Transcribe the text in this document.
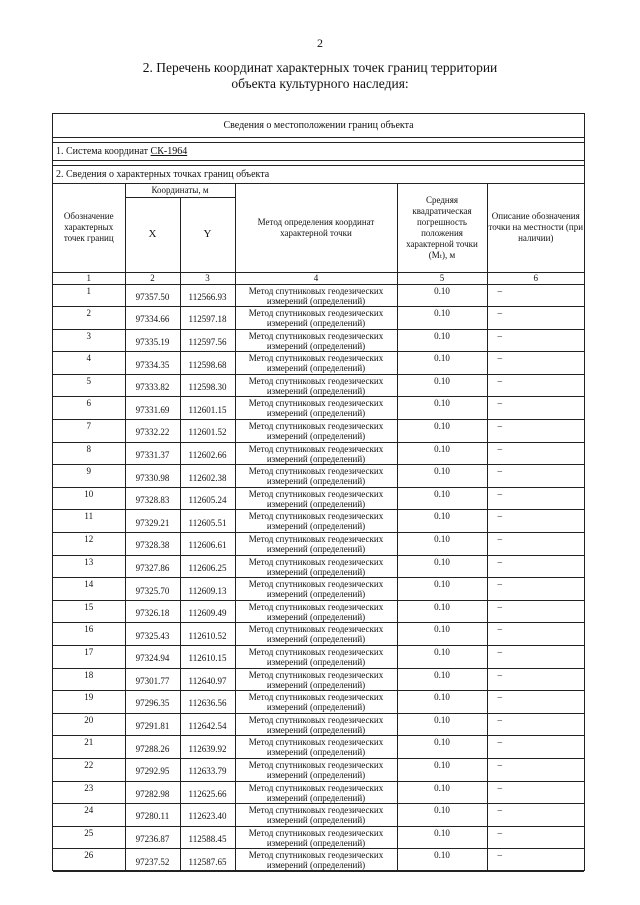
2
2. Перечень координат характерных точек границ территории
объекта культурного наследия:
Сведения о местоположении границ объекта
1. Система координат СК-1964
2. Сведения о характерных точках границ объекта
Обозначение характерных точек границ	Координаты, м		Метод определения координат характерной точки	Средняя квадратическая погрешность положения характерной точки (Mₜ), м	Описание обозначения точки на местности (при наличии)
	X	Y			
1	2	3	4	5	6
1	97357.50	112566.93	Метод спутниковых геодезических измерений (определений)	0.10	–
2	97334.66	112597.18	Метод спутниковых геодезических измерений (определений)	0.10	–
3	97335.19	112597.56	Метод спутниковых геодезических измерений (определений)	0.10	–
4	97334.35	112598.68	Метод спутниковых геодезических измерений (определений)	0.10	–
5	97333.82	112598.30	Метод спутниковых геодезических измерений (определений)	0.10	–
6	97331.69	112601.15	Метод спутниковых геодезических измерений (определений)	0.10	–
7	97332.22	112601.52	Метод спутниковых геодезических измерений (определений)	0.10	–
8	97331.37	112602.66	Метод спутниковых геодезических измерений (определений)	0.10	–
9	97330.98	112602.38	Метод спутниковых геодезических измерений (определений)	0.10	–
10	97328.83	112605.24	Метод спутниковых геодезических измерений (определений)	0.10	–
11	97329.21	112605.51	Метод спутниковых геодезических измерений (определений)	0.10	–
12	97328.38	112606.61	Метод спутниковых геодезических измерений (определений)	0.10	–
13	97327.86	112606.25	Метод спутниковых геодезических измерений (определений)	0.10	–
14	97325.70	112609.13	Метод спутниковых геодезических измерений (определений)	0.10	–
15	97326.18	112609.49	Метод спутниковых геодезических измерений (определений)	0.10	–
16	97325.43	112610.52	Метод спутниковых геодезических измерений (определений)	0.10	–
17	97324.94	112610.15	Метод спутниковых геодезических измерений (определений)	0.10	–
18	97301.77	112640.97	Метод спутниковых геодезических измерений (определений)	0.10	–
19	97296.35	112636.56	Метод спутниковых геодезических измерений (определений)	0.10	–
20	97291.81	112642.54	Метод спутниковых геодезических измерений (определений)	0.10	–
21	97288.26	112639.92	Метод спутниковых геодезических измерений (определений)	0.10	–
22	97292.95	112633.79	Метод спутниковых геодезических измерений (определений)	0.10	–
23	97282.98	112625.66	Метод спутниковых геодезических измерений (определений)	0.10	–
24	97280.11	112623.40	Метод спутниковых геодезических измерений (определений)	0.10	–
25	97236.87	112588.45	Метод спутниковых геодезических измерений (определений)	0.10	–
26	97237.52	112587.65	Метод спутниковых геодезических измерений (определений)	0.10	–
